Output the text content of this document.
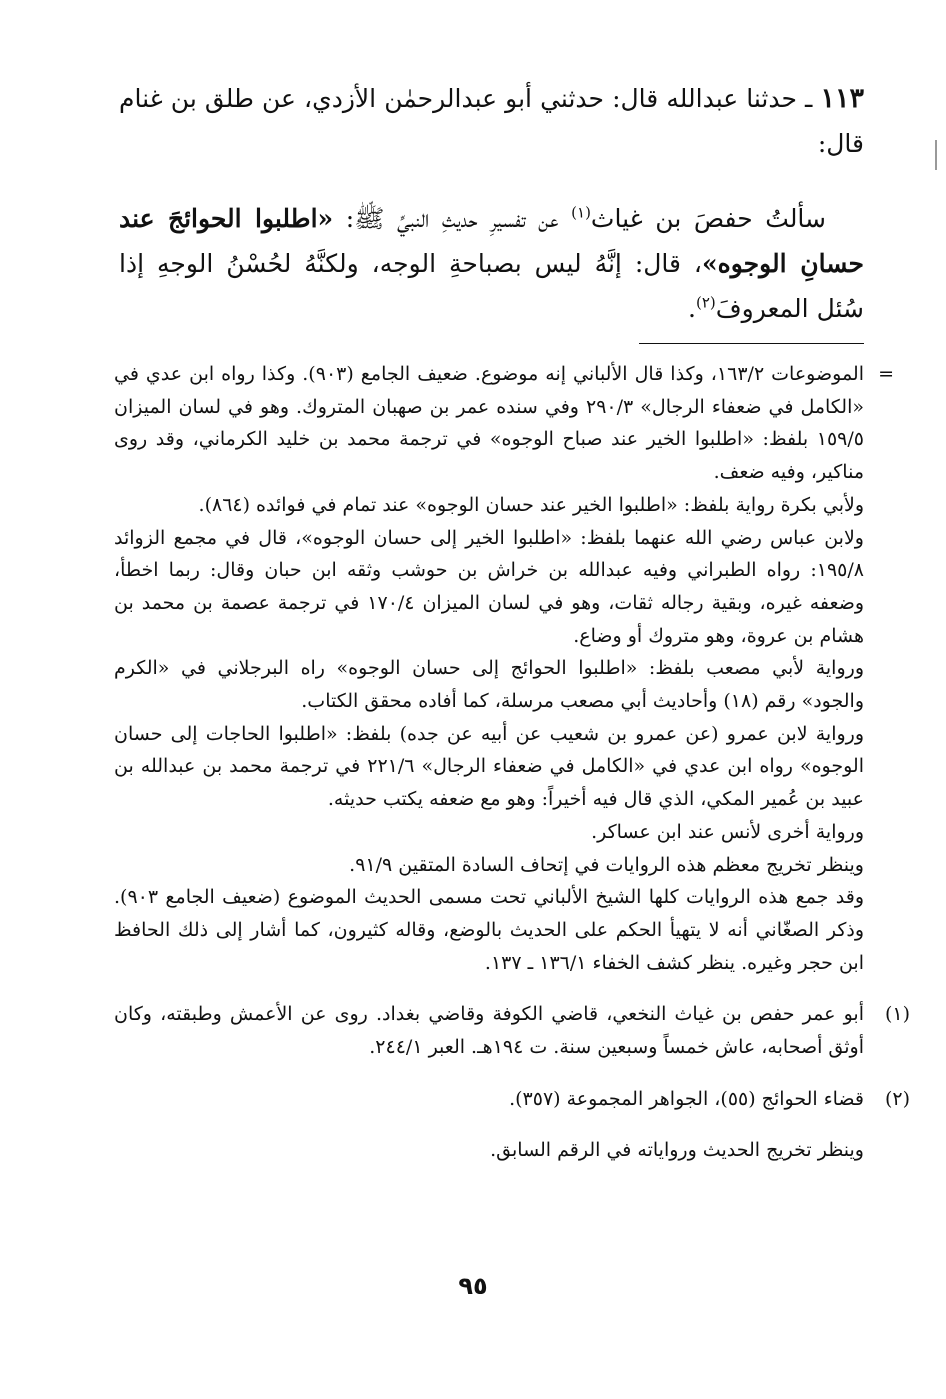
١١٣ ـ حدثنا عبدالله قال: حدثني أبو عبدالرحمٰن الأزدي، عن طلق بن غنام قال:

سألتُ حفصَ بن غياث$^{(١)}$ عن تفسيرِ حديثِ النبيِّ ﷺ: «اطلبوا الحوائجَ عند حسانِ الوجوه»، قال: إنَّهُ ليس بصباحةِ الوجه، ولكنَّهُ لحُسْنُ الوجهِ إذا سُئل المعروفَ$^{(٢)}$.

=

الموضوعات ١٦٣/٢، وكذا قال الألباني إنه موضوع. ضعيف الجامع (٩٠٣). وكذا رواه ابن عدي في «الكامل في ضعفاء الرجال» ٢٩٠/٣ وفي سنده عمر بن صهبان المتروك. وهو في لسان الميزان ١٥٩/٥ بلفظ: «اطلبوا الخير عند صباح الوجوه» في ترجمة محمد بن خليد الكرماني، وقد روى مناكير، وفيه ضعف.

ولأبي بكرة رواية بلفظ: «اطلبوا الخير عند حسان الوجوه» عند تمام في فوائده (٨٦٤).

ولابن عباس رضي الله عنهما بلفظ: «اطلبوا الخير إلى حسان الوجوه»، قال في مجمع الزوائد ١٩٥/٨: رواه الطبراني وفيه عبدالله بن خراش بن حوشب وثقه ابن حبان وقال: ربما اخطأ، وضعفه غيره، وبقية رجاله ثقات، وهو في لسان الميزان ١٧٠/٤ في ترجمة عصمة بن محمد بن هشام بن عروة، وهو متروك أو وضاع.

ورواية لأبي مصعب بلفظ: «اطلبوا الحوائج إلى حسان الوجوه» راه البرجلاني في «الكرم والجود» رقم (١٨) وأحاديث أبي مصعب مرسلة، كما أفاده محقق الكتاب.

ورواية لابن عمرو (عن عمرو بن شعيب عن أبيه عن جده) بلفظ: «اطلبوا الحاجات إلى حسان الوجوه» رواه ابن عدي في «الكامل في ضعفاء الرجال» ٢٢١/٦ في ترجمة محمد بن عبدالله بن عبيد بن عُمير المكي، الذي قال فيه أخيراً: وهو مع ضعفه يكتب حديثه.

ورواية أخرى لأنس عند ابن عساكر.

وينظر تخريج معظم هذه الروايات في إتحاف السادة المتقين ٩١/٩.

وقد جمع هذه الروايات كلها الشيخ الألباني تحت مسمى الحديث الموضوع (ضعيف الجامع ٩٠٣). وذكر الصغّاني أنه لا يتهيأ الحكم على الحديث بالوضع، وقاله كثيرون، كما أشار إلى ذلك الحافظ ابن حجر وغيره. ينظر كشف الخفاء ١٣٦/١ ـ ١٣٧.

(١)

أبو عمر حفص بن غياث النخعي، قاضي الكوفة وقاضي بغداد. روى عن الأعمش وطبقته، وكان أوثق أصحابه، عاش خمساً وسبعين سنة. ت ١٩٤هـ. العبر ٢٤٤/١.

(٢)

قضاء الحوائج (٥٥)، الجواهر المجموعة (٣٥٧).

وينظر تخريج الحديث ورواياته في الرقم السابق.

٩٥
